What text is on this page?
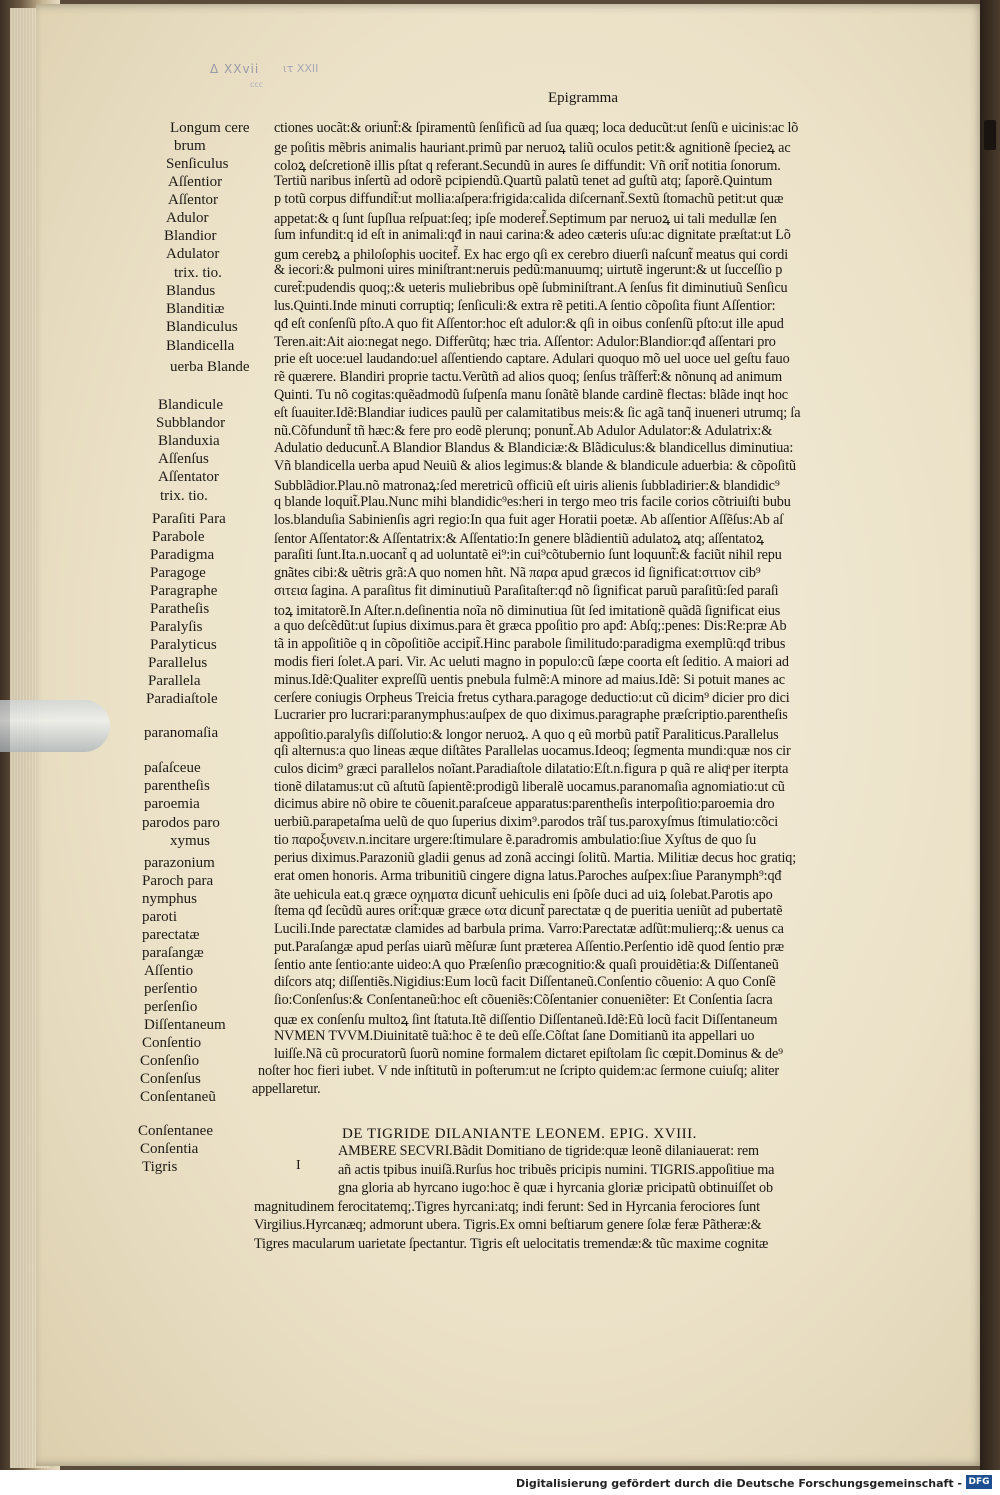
Δ ΧΧvii ιτ ΧΧΙΙ
ccc
Epigramma
Longum cere
brum
Senſiculus
Aſſentior
Aſſentor
Adulor
Blandior
Adulator
trix. tio.
Blandus
Blanditiæ
Blandiculus
Blandicella
uerba Blande
Blandicule
Subblandor
Blanduxia
Aſſenſus
Aſſentator
trix. tio.
Paraſiti Para
Parabole
Paradigma
Paragoge
Paragraphe
Paratheſis
Paralyſis
Paralyticus
Parallelus
Parallela
Paradiaſtole
paranomaſia
paſaſceue
parentheſis
paroemia
parodos paro
xymus
parazonium
Paroch para
nymphus
paroti
parectatæ
paraſangæ
Aſſentio
perſentio
perſenſio
Diſſentaneum
Conſentio
Conſenſio
Conſenſus
Conſentaneũ
Conſentanee
Conſentia
Tigris
ctiones uocãt:& oriunt̃:& ſpiramentũ ſenſificũ ad ſua quæq; loca deducũt:ut ſenſũ e uicinis:ac lõ
ge poſitis mẽbris animalis hauriant.primũ par neruoꝝ taliũ oculos petit:& agnitionẽ ſpecieꝝ ac
coloꝝ deſcretionẽ illis pſtat q referant.Secundũ in aures ſe diffundit: Vñ orit̃ notitia ſonorum.
Tertiũ naribus inſertũ ad odorẽ pcipiendũ.Quartũ palatũ tenet ad guſtũ atq; ſaporẽ.Quintum
p totũ corpus diffundit̃:ut mollia:aſpera:frigida:calida diſcernant̃.Sextũ ſtomachũ petit:ut quæ
appetat:& q ſunt ſupſlua reſpuat:ſeq; ipſe moderef̃.Septimum par neruoꝝ ui tali medullæ ſen
ſum infundit:q id eſt in animali:qđ in naui carina:& adeo cæteris uſu:ac dignitate præſtat:ut Lõ
gum cerebꝝ a philoſophis uocitef̃. Ex hac ergo qſi ex cerebro diuerſi naſcunt̃ meatus qui cordi
& iecori:& pulmoni uires miniſtrant:neruis pedũ:manuumq; uirtutẽ ingerunt:& ut ſucceſſio p
curet̃:pudendis quoq;:& ueteris muliebribus opẽ ſubminiſtrant.A ſenſus fit diminutiuũ Senſicu
lus.Quinti.Inde minuti corruptiq; ſenſiculi:& extra rẽ petiti.A ſentio cõpoſita fiunt Aſſentior:
qđ eſt conſenſũ pſto.A quo fit Aſſentor:hoc eſt adulor:& qſi in oibus conſenſũ pſto:ut ille apud
Teren.ait:Ait aio:negat nego. Differũtq; hæc tria. Aſſentor: Adulor:Blandior:qđ aſſentari pro
prie eſt uoce:uel laudando:uel aſſentiendo captare. Adulari quoquo mõ uel uoce uel geſtu fauo
rẽ quærere. Blandiri proprie tactu.Verũtñ ad alios quoq; ſenſus trãſfert̃:& nõnunq ad animum
Quinti. Tu nõ cogitas:quẽadmodũ ſuſpenſa manu ſonãtẽ blande cardinẽ flectas: blãde inqt hoc
eſt ſuauiter.Idẽ:Blandiar iudices paulũ per calamitatibus meis:& ſic agã tanq̃ inueneri utrumq; ſa
nũ.Cõfundunt̃ tñ hæc:& fere pro eodẽ plerunq; ponunt̃.Ab Adulor Adulator:& Adulatrix:&
Adulatio deducunt̃.A Blandior Blandus & Blandiciæ:& Blãdiculus:& blandicellus diminutiua:
Vñ blandicella uerba apud Neuiũ & alios legimus:& blande & blandicule aduerbia: & cõpoſitũ
Subblãdior.Plau.nõ matronaꝝ:ſed meretricũ officiũ eſt uiris alienis ſubbladirier:& blandidic⁹
q blande loquit̃.Plau.Nunc mihi blandidic⁹es:heri in tergo meo tris facile corios cõtriuiſti bubu
los.blanduſia Sabinienſis agri regio:In qua fuit ager Horatii poetæ. Ab aſſentior Aſſẽſus:Ab aſ
ſentor Aſſentator:& Aſſentatrix:& Aſſentatio:In genere blãdientiũ adulatoꝝ atq; aſſentatoꝝ
paraſiti ſunt.Ita.n.uocant̃ q ad uoluntatẽ ei⁹:in cui⁹cõtubernio ſunt loquunt̃:& faciũt nihil repu
gnãtes cibi:& uẽtris grã:A quo nomen hñt. Nã παρα apud græcos id ſignificat:σιτιον cib⁹
σιτεια ſagina. A paraſitus fit diminutiuũ Paraſitaſter:qđ nõ ſignificat paruũ paraſitũ:ſed paraſi
toꝝ imitatorẽ.In Aſter.n.deſinentia noĩa nõ diminutiua ſũt ſed imitationẽ quãdã ſignificat eius
a quo deſcẽdũt:ut ſupius diximus.para ẽt græca ppoſitio pro apđ: Abſq;:penes: Dis:Re:præ Ab
tã in appoſitiõe q in cõpoſitiõe accipit̃.Hinc parabole ſimilitudo:paradigma exemplũ:qđ tribus
modis fieri ſolet.A pari. Vir. Ac ueluti magno in populo:cũ ſæpe coorta eſt ſeditio. A maiori ad
minus.Idẽ:Qualiter expreſſũ uentis pnebula fulmẽ:A minore ad maius.Idẽ: Si potuit manes ac
cerſere coniugis Orpheus Treicia fretus cythara.paragoge deductio:ut cũ dicim⁹ dicier pro dici
Lucrarier pro lucrari:paranymphus:auſpex de quo diximus.paragraphe præſcriptio.parentheſis
appoſitio.paralyſis diſſolutio:& longor neruoꝝ. A quo q eũ morbũ patit̃ Paraliticus.Parallelus
qſi alternus:a quo lineas æque diſtãtes Parallelas uocamus.Ideoq; ſegmenta mundi:quæ nos cir
culos dicim⁹ græci parallelos noĩant.Paradiaſtole dilatatio:Eſt.n.figura p quã re aliqͣ per iterpta
tionẽ dilatamus:ut cũ aſtutũ ſapientẽ:prodigũ liberalẽ uocamus.paranomaſia agnomiatio:ut cũ
dicimus abire nõ obire te cõuenit.paraſceue apparatus:parentheſis interpoſitio:paroemia dro
uerbiũ.parapetaſma uelũ de quo ſuperius dixim⁹.parodos trãſ tus.paroxyſmus ſtimulatio:cõci
tio παροξυνειν.n.incitare urgere:ſtimulare ẽ.paradromis ambulatio:ſiue Xyſtus de quo ſu
perius diximus.Parazoniũ gladii genus ad zonã accingi ſolitũ. Martia. Militiæ decus hoc gratiq;
erat omen honoris. Arma tribunitiũ cingere digna latus.Paroches auſpex:ſiue Paranymph⁹:qđ
ãte uehicula eat.q græce οχηματα dicunt̃ uehiculis eni ſpõſe duci ad uiꝝ ſolebat.Parotis apo
ſtema qđ ſecũdũ aures orit̃:quæ græce ωτα dicunt̃ parectatæ q de pueritia ueniũt ad pubertatẽ
Lucili.Inde parectatæ clamides ad barbula prima. Varro:Parectatæ adſũt:mulierq;:& uenus ca
put.Paraſangæ apud perſas uiarũ mẽſuræ ſunt præterea Aſſentio.Perſentio idẽ quod ſentio præ
ſentio ante ſentio:ante uideo:A quo Præſenſio præcognitio:& quaſi prouidẽtia:& Diſſentaneũ
diſcors atq; diſſentiẽs.Nigidius:Eum locũ facit Diſſentaneũ.Conſentio cõuenio: A quo Conſẽ
ſio:Conſenſus:& Conſentaneũ:hoc eſt cõueniẽs:Cõſentanier conueniẽter: Et Conſentia ſacra
quæ ex conſenſu multoꝝ ſint ſtatuta.Itẽ diſſentio Diſſentaneũ.Idẽ:Eũ locũ facit Diſſentaneum
NVMEN TVVM.Diuinitatẽ tuã:hoc ẽ te deũ eſſe.Cõſtat ſane Domitianũ ita appellari uo
luiſſe.Nã cũ procuratorũ ſuorũ nomine formalem dictaret epiſtolam ſic cœpit.Dominus & de⁹
noſter hoc fieri iubet. V nde inſtitutũ in poſterum:ut ne ſcripto quidem:ac ſermone cuiuſq; aliter
appellaretur.
DE TIGRIDE DILANIANTE LEONEM. EPIG. XVIII.
I
AMBERE SECVRI.Bãdit Domitiano de tigride:quæ leonẽ dilaniauerat: rem
añ actis tpibus inuiſã.Rurſus hoc tribuẽs pricipis numini. TIGRIS.appoſitiue ma
gna gloria ab hyrcano iugo:hoc ẽ quæ i hyrcania gloriæ pricipatũ obtinuiſſet ob
magnitudinem ferocitatemq;.Tigres hyrcani:atq; indi ferunt: Sed in Hyrcania ferociores ſunt
Virgilius.Hyrcanæq; admorunt ubera. Tigris.Ex omni beſtiarum genere ſolæ feræ Pãtheræ:&
Tigres macularum uarietate ſpectantur. Tigris eſt uelocitatis tremendæ:& tũc maxime cognitæ
Digitalisierung gefördert durch die Deutsche Forschungsgemeinschaft - DFG
